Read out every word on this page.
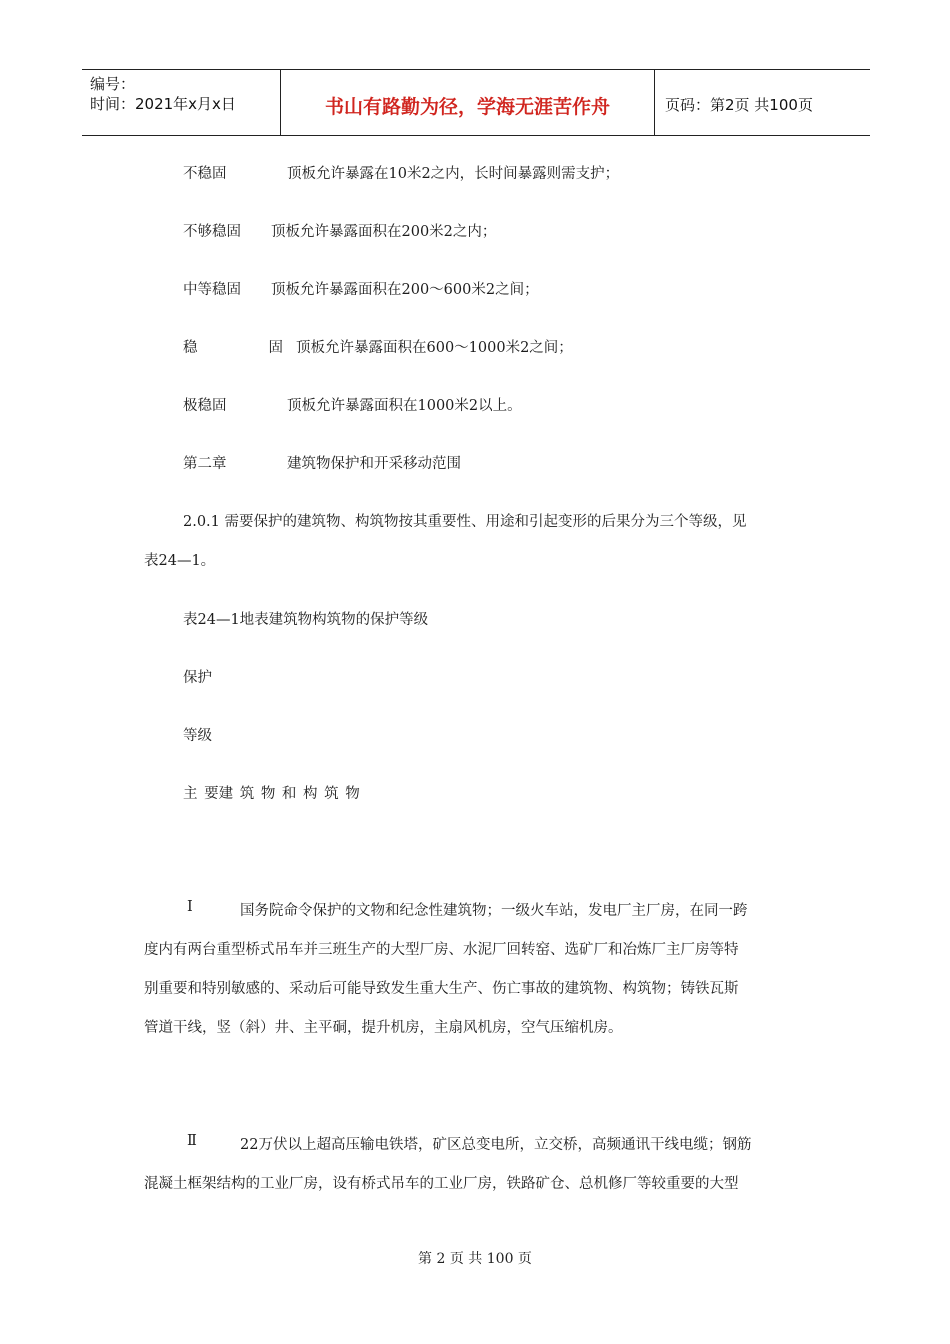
编号：
时间：2021年x月x日	书山有路勤为径，学海无涯苦作舟	页码：第2页 共100页
不稳固	顶板允许暴露在10米2之内，长时间暴露则需支护；
不够稳固 顶板允许暴露面积在200米2之内；
中等稳固 顶板允许暴露面积在200～600米2之间；
稳　　固 顶板允许暴露面积在600～1000米2之间；
极稳固	顶板允许暴露面积在1000米2以上。
第二章	建筑物保护和开采移动范围
2.0.1 需要保护的建筑物、构筑物按其重要性、用途和引起变形的后果分为三个等级，见
表24—1。
表24—1地表建筑物构筑物的保护等级
保护
等级
主 要建 筑 物 和 构 筑 物
Ⅰ	国务院命令保护的文物和纪念性建筑物；一级火车站，发电厂主厂房，在同一跨
度内有两台重型桥式吊车并三班生产的大型厂房、水泥厂回转窑、选矿厂和冶炼厂主厂房等特
别重要和特别敏感的、采动后可能导致发生重大生产、伤亡事故的建筑物、构筑物；铸铁瓦斯
管道干线，竖（斜）井、主平硐，提升机房，主扇风机房，空气压缩机房。
Ⅱ	22万伏以上超高压输电铁塔，矿区总变电所，立交桥，高频通讯干线电缆；钢筋
混凝土框架结构的工业厂房，设有桥式吊车的工业厂房，铁路矿仓、总机修厂等较重要的大型
第 2 页 共 100 页
